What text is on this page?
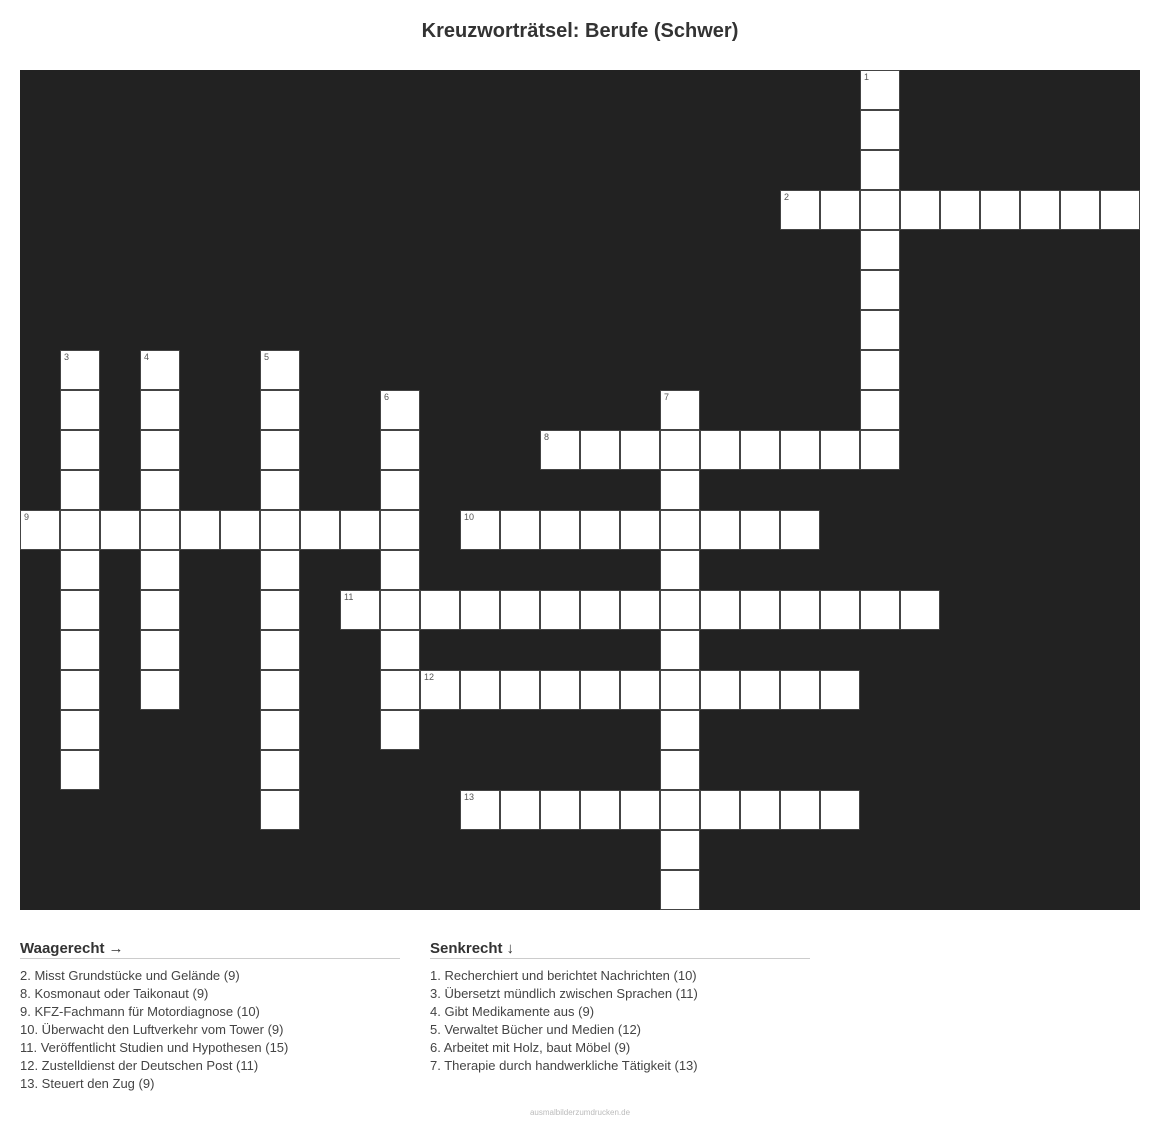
Kreuzworträtsel: Berufe (Schwer)
1
2
3	4	5
6	7
8
9	10
11
12
13
Waagerecht →
2. Misst Grundstücke und Gelände (9)
8. Kosmonaut oder Taikonaut (9)
9. KFZ-Fachmann für Motordiagnose (10)
10. Überwacht den Luftverkehr vom Tower (9)
11. Veröffentlicht Studien und Hypothesen (15)
12. Zustelldienst der Deutschen Post (11)
13. Steuert den Zug (9)
Senkrecht ↓
1. Recherchiert und berichtet Nachrichten (10)
3. Übersetzt mündlich zwischen Sprachen (11)
4. Gibt Medikamente aus (9)
5. Verwaltet Bücher und Medien (12)
6. Arbeitet mit Holz, baut Möbel (9)
7. Therapie durch handwerkliche Tätigkeit (13)
ausmalbilderzumdrucken.de
